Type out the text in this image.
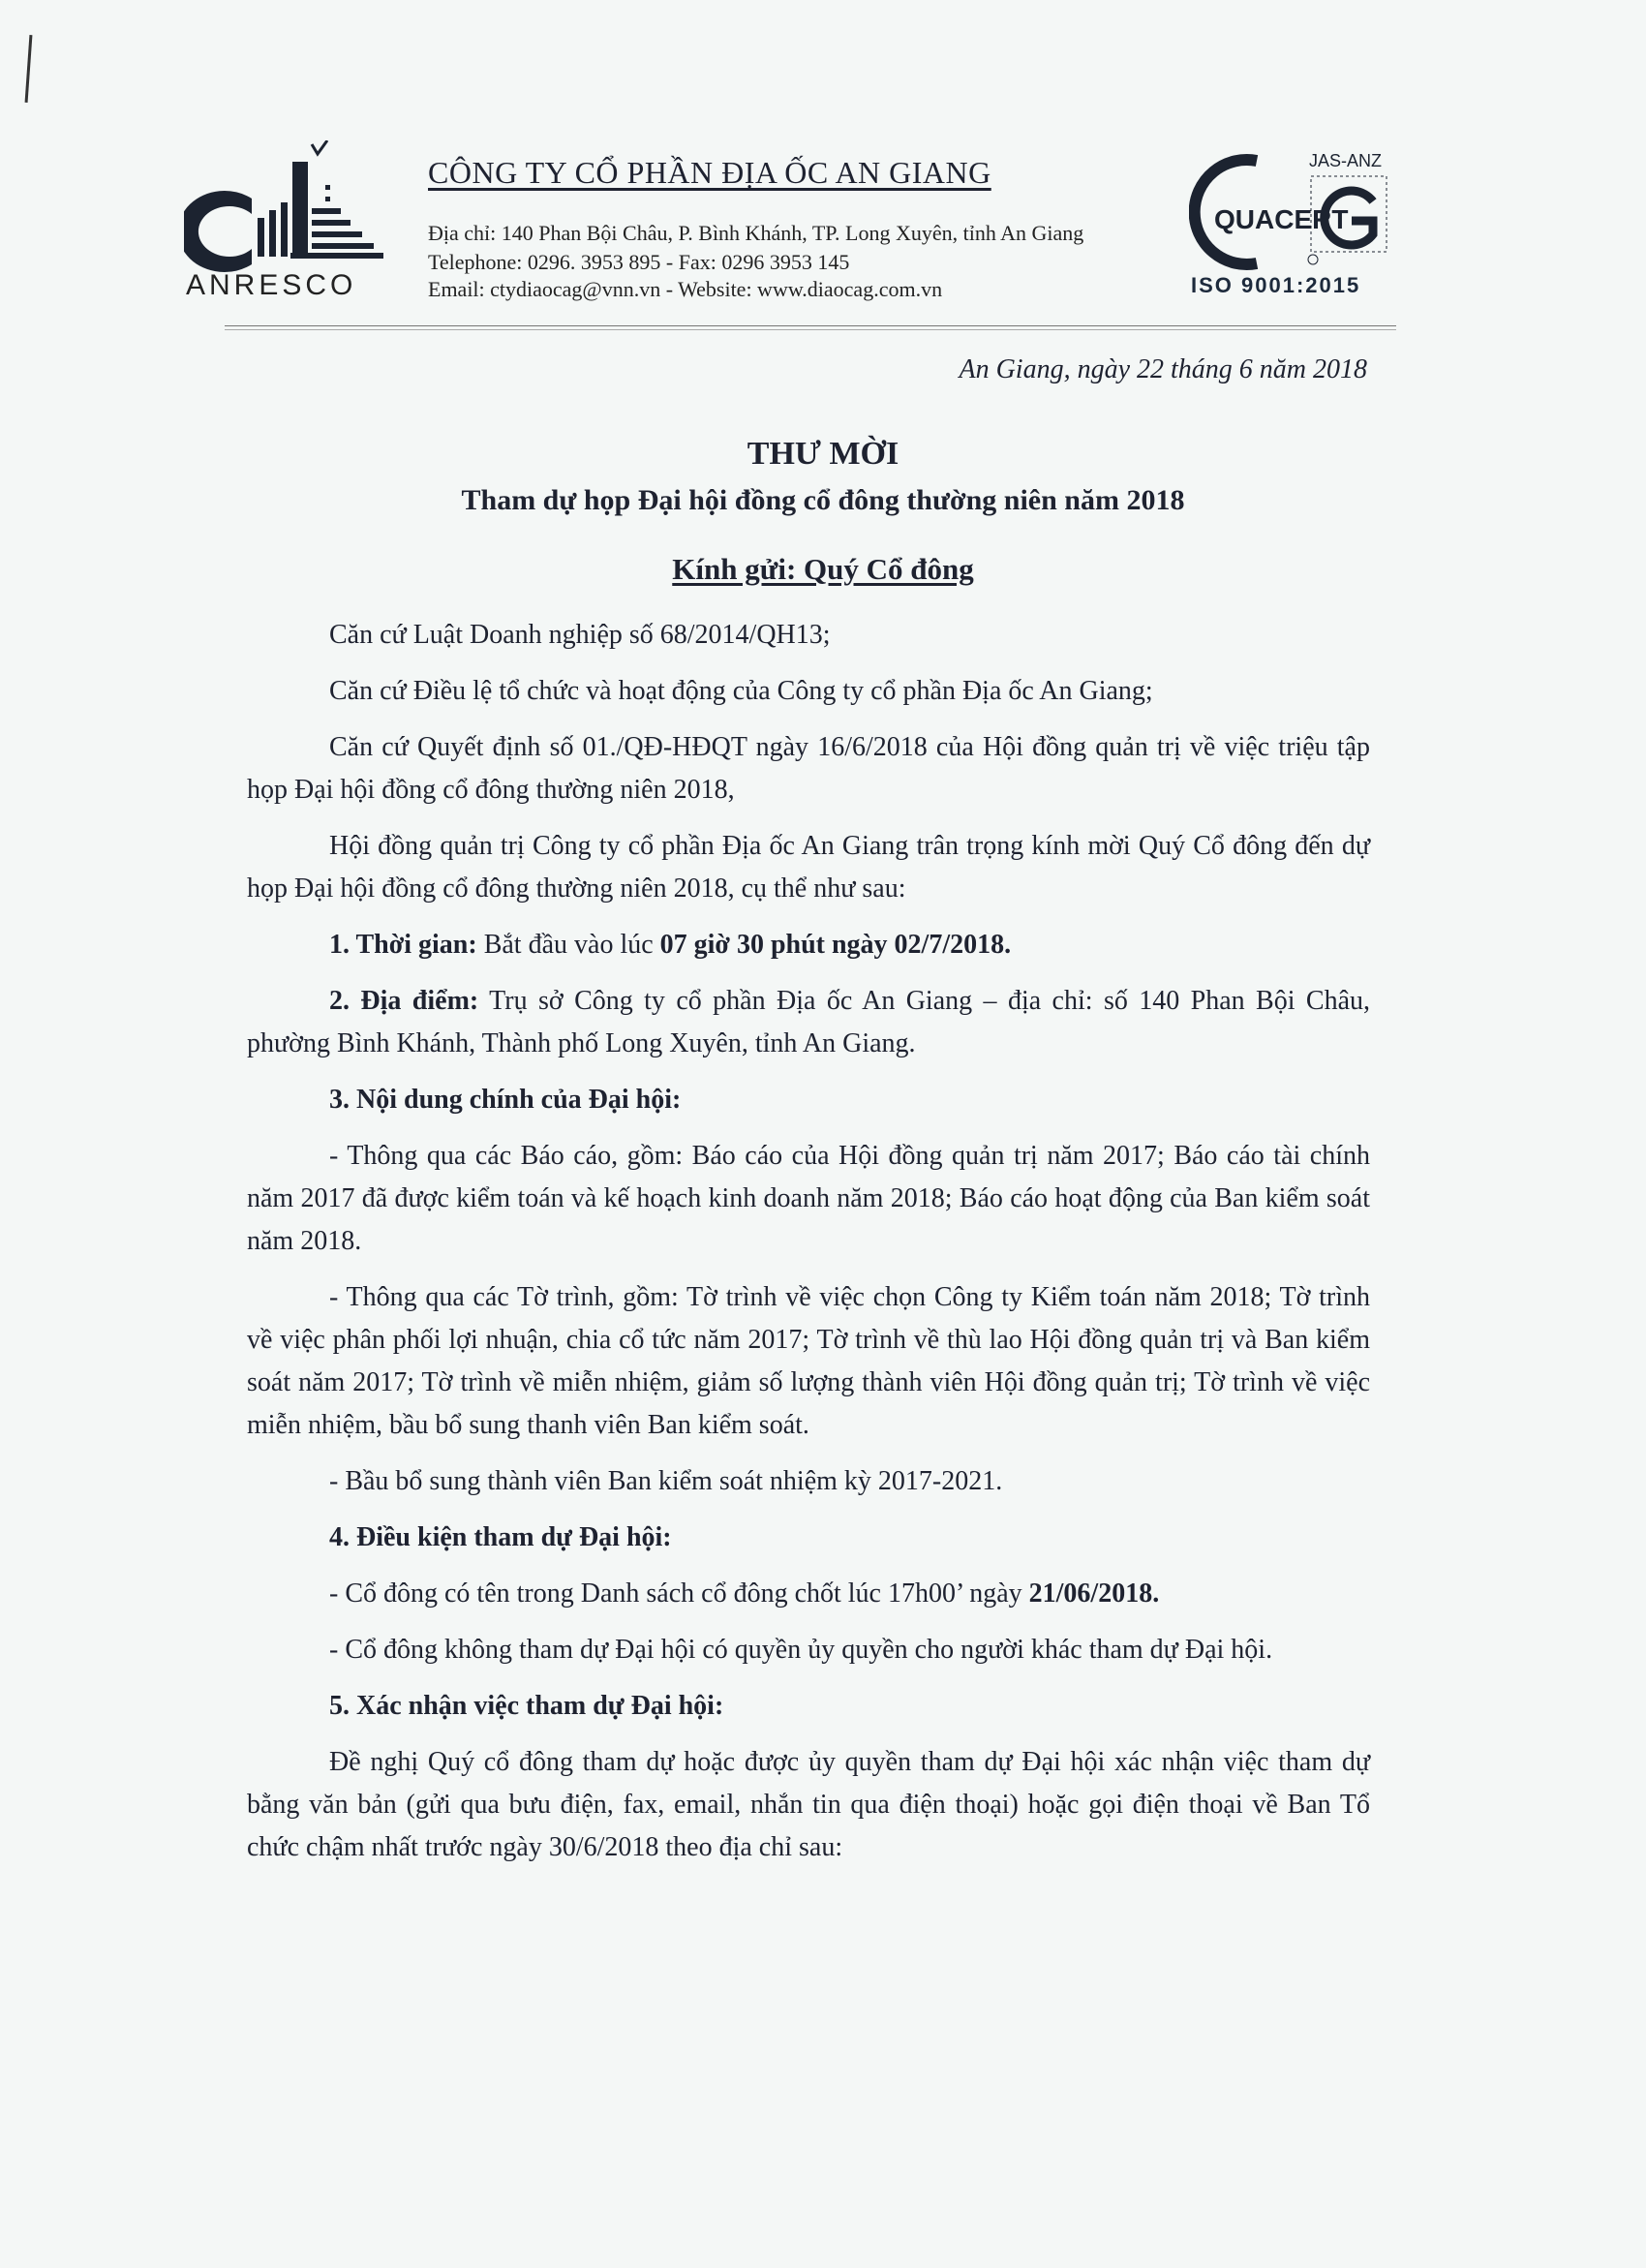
ANRESCO
CÔNG TY CỔ PHẦN ĐỊA ỐC AN GIANG
Địa chỉ: 140 Phan Bội Châu, P. Bình Khánh, TP. Long Xuyên, tỉnh An Giang
Telephone: 0296. 3953 895 - Fax: 0296 3953 145
Email: ctydiaocag@vnn.vn - Website: www.diaocag.com.vn
QUACERT
JAS-ANZ
ISO 9001:2015
An Giang, ngày 22 tháng 6 năm 2018
THƯ MỜI
Tham dự họp Đại hội đồng cổ đông thường niên năm 2018
Kính gửi: Quý Cổ đông

Căn cứ Luật Doanh nghiệp số 68/2014/QH13;

Căn cứ Điều lệ tổ chức và hoạt động của Công ty cổ phần Địa ốc An Giang;

Căn cứ Quyết định số 01./QĐ-HĐQT ngày 16/6/2018 của Hội đồng quản trị về việc triệu tập họp Đại hội đồng cổ đông thường niên 2018,

Hội đồng quản trị Công ty cổ phần Địa ốc An Giang trân trọng kính mời Quý Cổ đông đến dự họp Đại hội đồng cổ đông thường niên 2018, cụ thể như sau:

1. Thời gian: Bắt đầu vào lúc 07 giờ 30 phút ngày 02/7/2018.

2. Địa điểm: Trụ sở Công ty cổ phần Địa ốc An Giang – địa chỉ: số 140 Phan Bội Châu, phường Bình Khánh, Thành phố Long Xuyên, tỉnh An Giang.

3. Nội dung chính của Đại hội:

- Thông qua các Báo cáo, gồm: Báo cáo của Hội đồng quản trị năm 2017; Báo cáo tài chính năm 2017 đã được kiểm toán và kế hoạch kinh doanh năm 2018; Báo cáo hoạt động của Ban kiểm soát năm 2018.

- Thông qua các Tờ trình, gồm: Tờ trình về việc chọn Công ty Kiểm toán năm 2018; Tờ trình về việc phân phối lợi nhuận, chia cổ tức năm 2017; Tờ trình về thù lao Hội đồng quản trị và Ban kiểm soát năm 2017; Tờ trình về miễn nhiệm, giảm số lượng thành viên Hội đồng quản trị; Tờ trình về việc miễn nhiệm, bầu bổ sung thanh viên Ban kiểm soát.

- Bầu bổ sung thành viên Ban kiểm soát nhiệm kỳ 2017-2021.

4. Điều kiện tham dự Đại hội:

- Cổ đông có tên trong Danh sách cổ đông chốt lúc 17h00’ ngày 21/06/2018.

- Cổ đông không tham dự Đại hội có quyền ủy quyền cho người khác tham dự Đại hội.

5. Xác nhận việc tham dự Đại hội:

Đề nghị Quý cổ đông tham dự hoặc được ủy quyền tham dự Đại hội xác nhận việc tham dự bằng văn bản (gửi qua bưu điện, fax, email, nhắn tin qua điện thoại) hoặc gọi điện thoại về Ban Tổ chức chậm nhất trước ngày 30/6/2018 theo địa chỉ sau:
